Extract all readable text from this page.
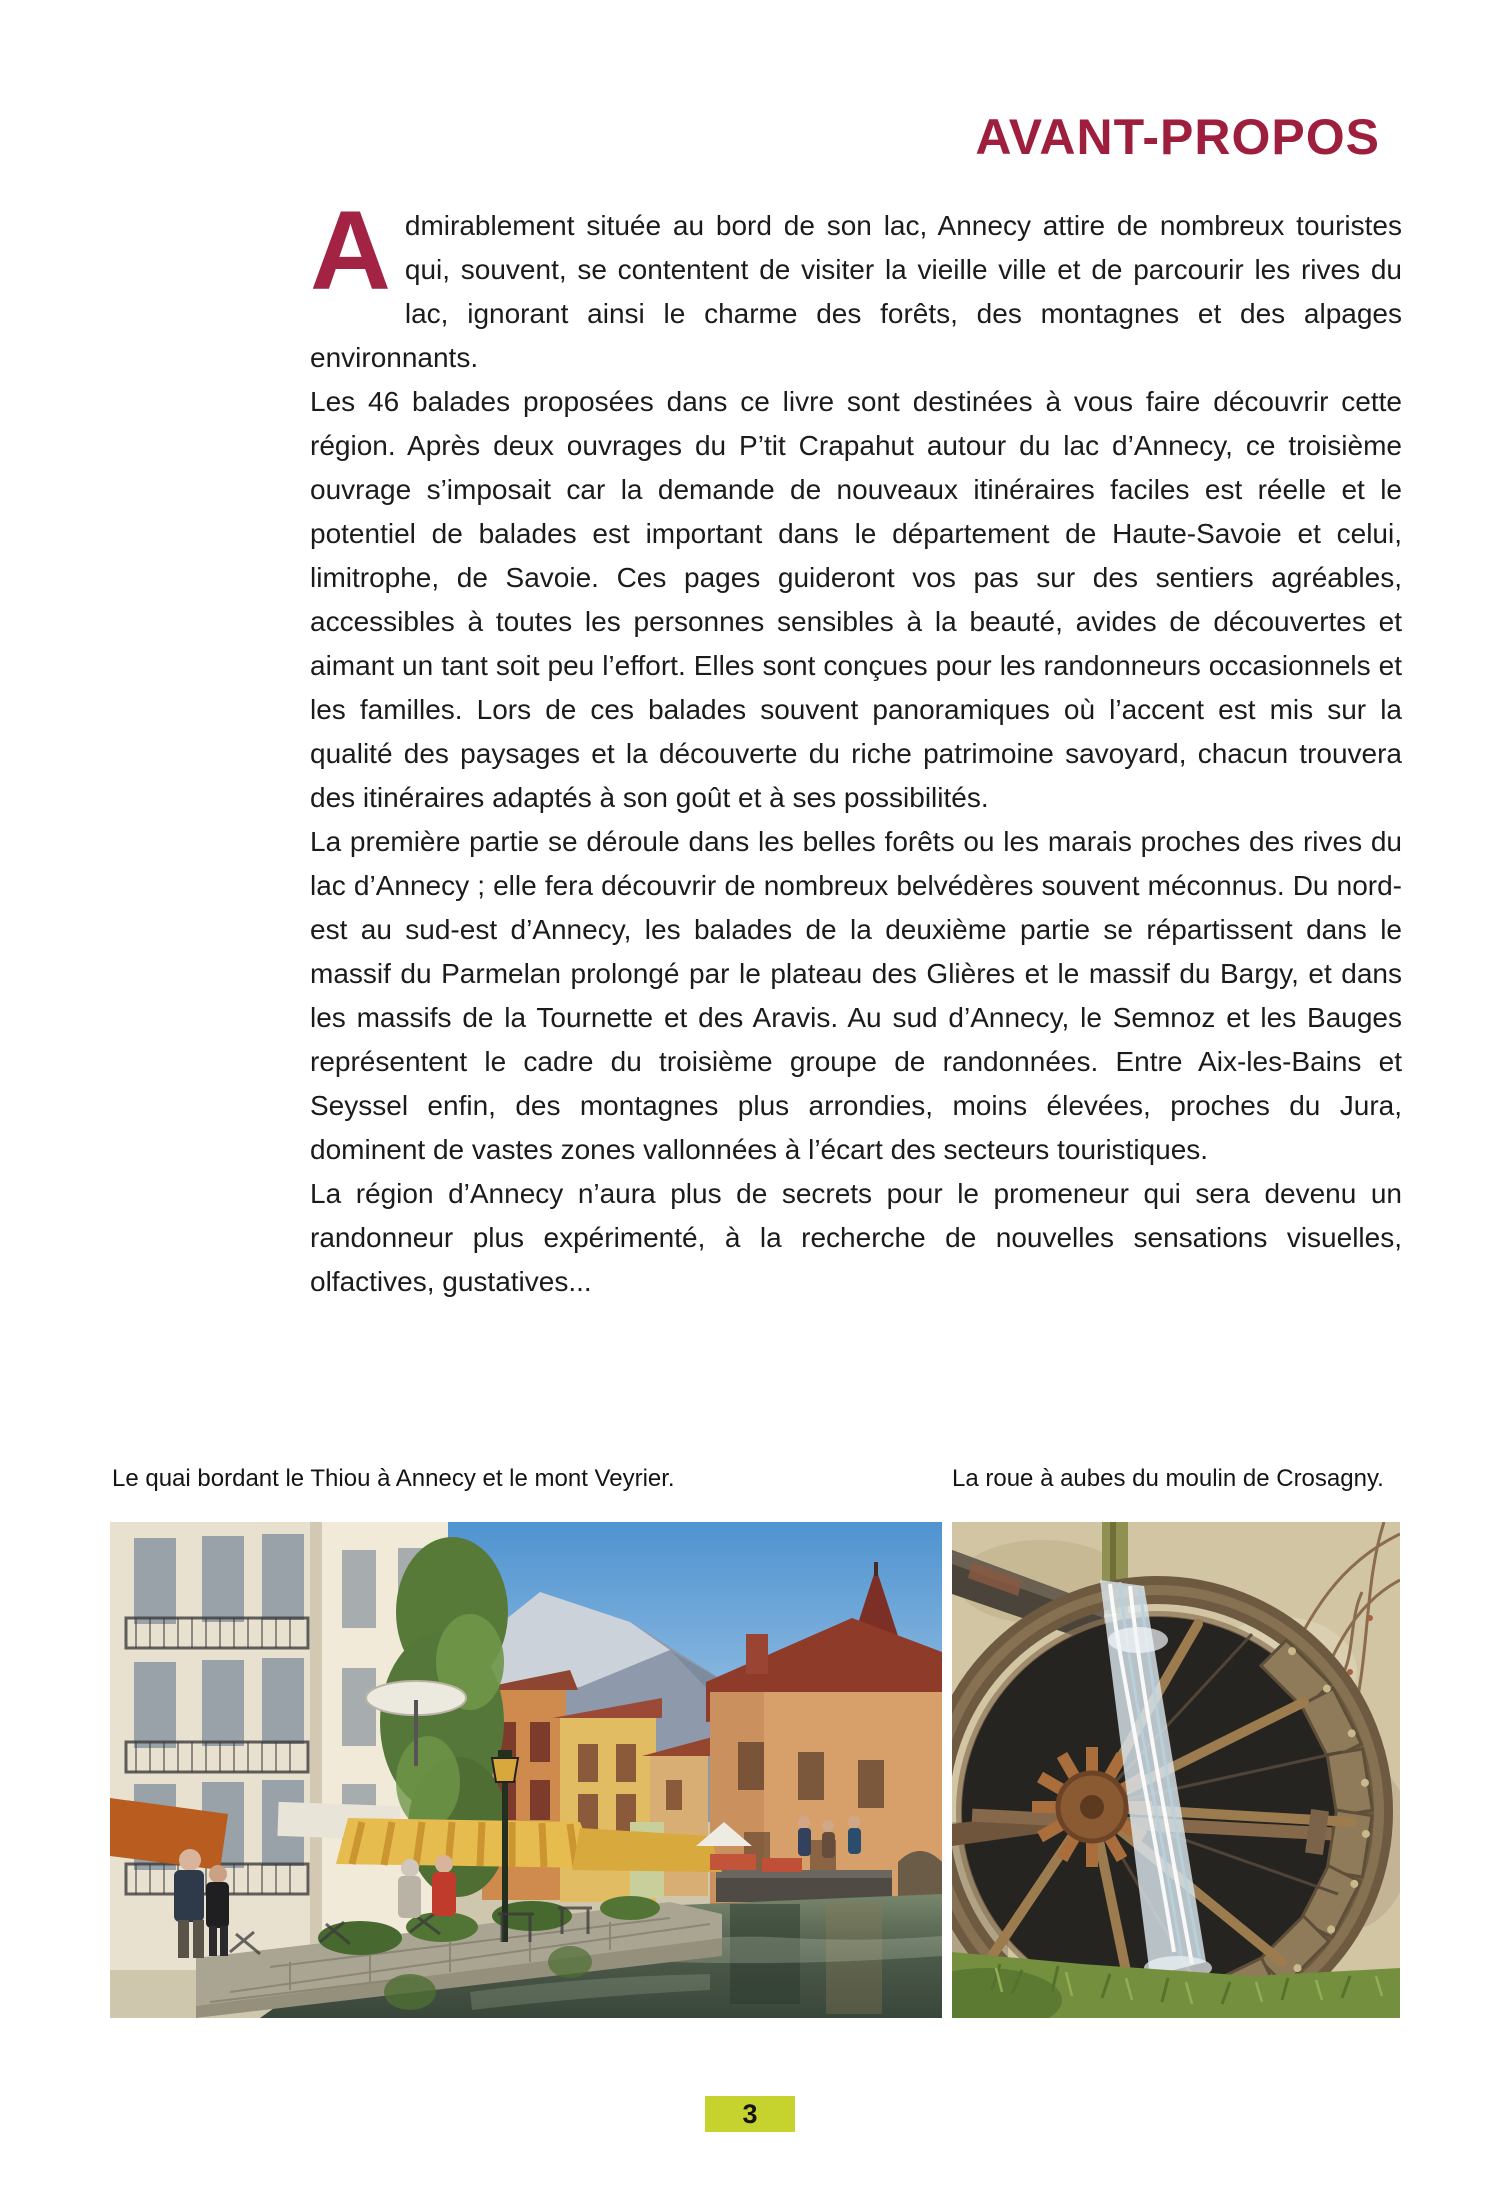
AVANT-PROPOS

Admirablement située au bord de son lac, Annecy attire de nombreux touristes qui, souvent, se contentent de visiter la vieille ville et de parcourir les rives du lac, ignorant ainsi le charme des forêts, des montagnes et des alpages environnants.

Les 46 balades proposées dans ce livre sont destinées à vous faire découvrir cette région. Après deux ouvrages du P’tit Crapahut autour du lac d’Annecy, ce troisième ouvrage s’imposait car la demande de nouveaux itinéraires faciles est réelle et le potentiel de balades est important dans le département de Haute-Savoie et celui, limitrophe, de Savoie. Ces pages guideront vos pas sur des sentiers agréables, accessibles à toutes les personnes sensibles à la beauté, avides de découvertes et aimant un tant soit peu l’effort. Elles sont conçues pour les randonneurs occasionnels et les familles. Lors de ces balades souvent panoramiques où l’accent est mis sur la qualité des paysages et la découverte du riche patrimoine savoyard, chacun trouvera des itinéraires adaptés à son goût et à ses possibilités.

La première partie se déroule dans les belles forêts ou les marais proches des rives du lac d’Annecy ; elle fera découvrir de nombreux belvédères souvent méconnus. Du nord-est au sud-est d’Annecy, les balades de la deuxième partie se répartissent dans le massif du Parmelan prolongé par le plateau des Glières et le massif du Bargy, et dans les massifs de la Tournette et des Aravis. Au sud d’Annecy, le Semnoz et les Bauges représentent le cadre du troisième groupe de randonnées. Entre Aix-les-Bains et Seyssel enfin, des montagnes plus arrondies, moins élevées, proches du Jura, dominent de vastes zones vallonnées à l’écart des secteurs touristiques.

La région d’Annecy n’aura plus de secrets pour le promeneur qui sera devenu un randonneur plus expérimenté, à la recherche de nouvelles sensations visuelles, olfactives, gustatives...

Le quai bordant le Thiou à Annecy et le mont Veyrier.	La roue à aubes du moulin de Crosagny.
3
